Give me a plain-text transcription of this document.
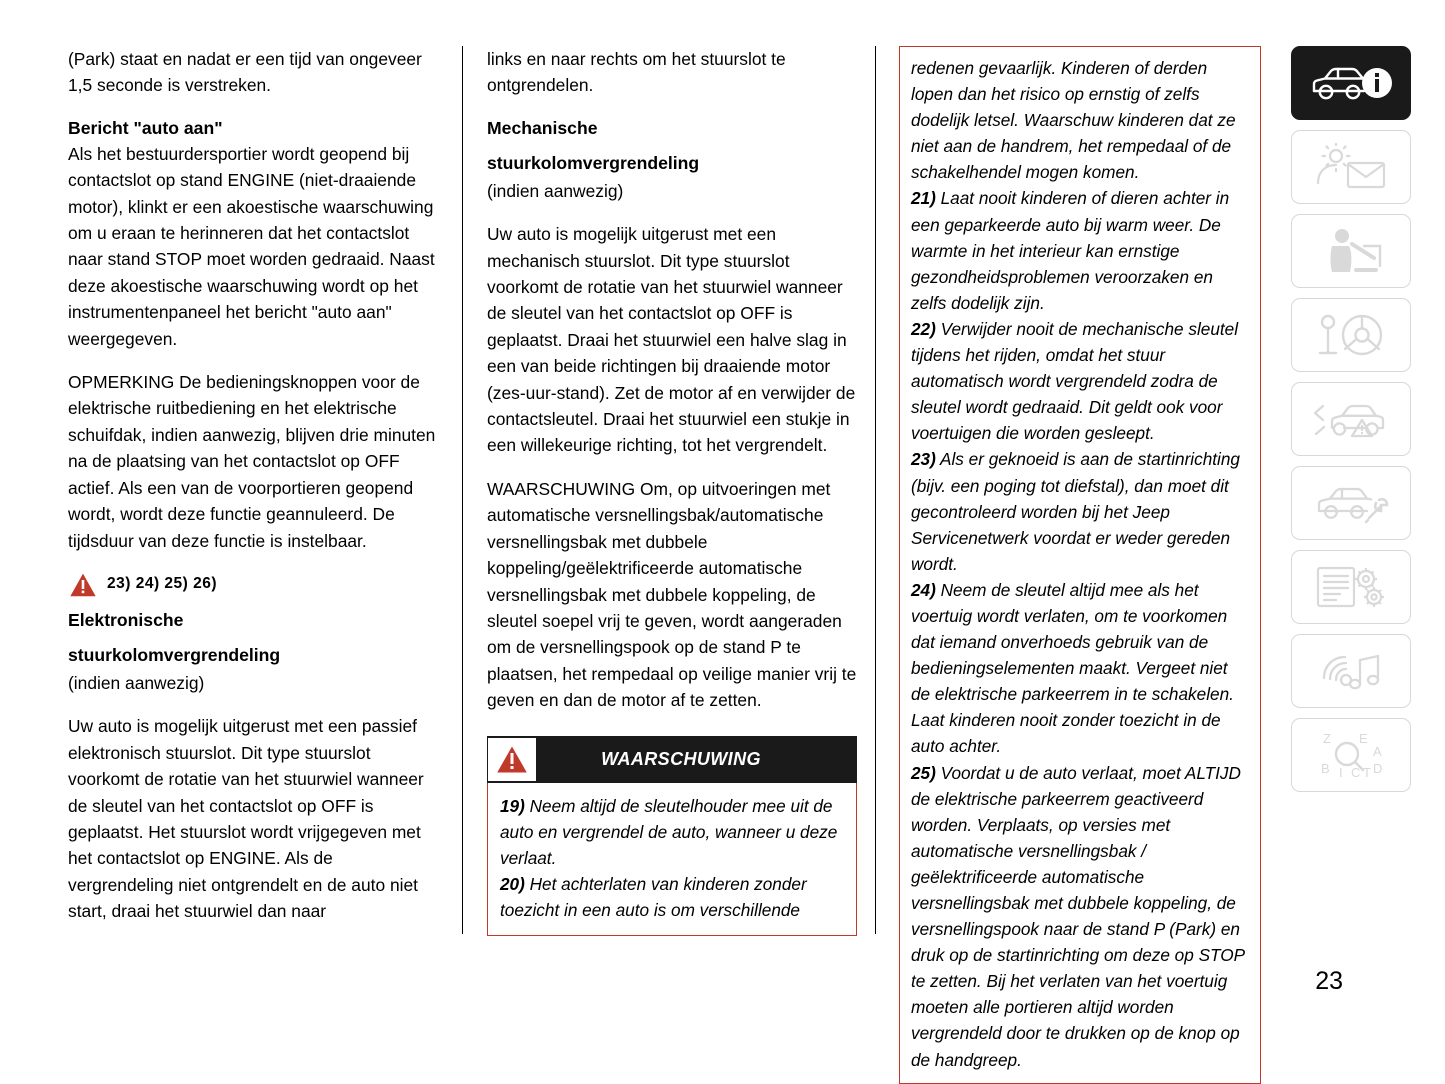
(Park) staat en nadat er een tijd van ongeveer 1,5 seconde is verstreken.

Bericht "auto aan"

Als het bestuurdersportier wordt geopend bij contactslot op stand ENGINE (niet-draaiende motor), klinkt er een akoestische waarschuwing om u eraan te herinneren dat het contactslot naar stand STOP moet worden gedraaid. Naast deze akoestische waarschuwing wordt op het instrumentenpaneel het bericht "auto aan" weergegeven.

OPMERKING De bedieningsknoppen voor de elektrische ruitbediening en het elektrische schuifdak, indien aanwezig, blijven drie minuten na de plaatsing van het contactslot op OFF actief. Als een van de voorportieren geopend wordt, wordt deze functie geannuleerd. De tijdsduur van deze functie is instelbaar.

23) 24) 25) 26)
Elektronische
stuurkolomvergrendeling

(indien aanwezig)

Uw auto is mogelijk uitgerust met een passief elektronisch stuurslot. Dit type stuurslot voorkomt de rotatie van het stuurwiel wanneer de sleutel van het contactslot op OFF is geplaatst. Het stuurslot wordt vrijgegeven met het contactslot op ENGINE. Als de vergrendeling niet ontgrendelt en de auto niet start, draai het stuurwiel dan naar

links en naar rechts om het stuurslot te ontgrendelen.

Mechanische
stuurkolomvergrendeling

(indien aanwezig)

Uw auto is mogelijk uitgerust met een mechanisch stuurslot. Dit type stuurslot voorkomt de rotatie van het stuurwiel wanneer de sleutel van het contactslot op OFF is geplaatst. Draai het stuurwiel een halve slag in een van beide richtingen bij draaiende motor (zes-uur-stand). Zet de motor af en verwijder de contactsleutel. Draai het stuurwiel een stukje in een willekeurige richting, tot het vergrendelt.

WAARSCHUWING Om, op uitvoeringen met automatische versnellingsbak/automatische versnellingsbak met dubbele koppeling/geëlektrificeerde automatische versnellingsbak met dubbele koppeling, de sleutel soepel vrij te geven, wordt aangeraden om de versnellingspook op de stand P te plaatsen, het rempedaal op veilige manier vrij te geven en dan de motor af te zetten.

WAARSCHUWING

19) Neem altijd de sleutelhouder mee uit de auto en vergrendel de auto, wanneer u deze verlaat.

20) Het achterlaten van kinderen zonder toezicht in een auto is om verschillende

redenen gevaarlijk. Kinderen of derden lopen dan het risico op ernstig of zelfs dodelijk letsel. Waarschuw kinderen dat ze niet aan de handrem, het rempedaal of de schakelhendel mogen komen.

21) Laat nooit kinderen of dieren achter in een geparkeerde auto bij warm weer. De warmte in het interieur kan ernstige gezondheidsproblemen veroorzaken en zelfs dodelijk zijn.

22) Verwijder nooit de mechanische sleutel tijdens het rijden, omdat het stuur automatisch wordt vergrendeld zodra de sleutel wordt gedraaid. Dit geldt ook voor voertuigen die worden gesleept.

23) Als er geknoeid is aan de startinrichting (bijv. een poging tot diefstal), dan moet dit gecontroleerd worden bij het Jeep Servicenetwerk voordat er weder gereden wordt.

24) Neem de sleutel altijd mee als het voertuig wordt verlaten, om te voorkomen dat iemand onverhoeds gebruik van de bedieningselementen maakt. Vergeet niet de elektrische parkeerrem in te schakelen. Laat kinderen nooit zonder toezicht in de auto achter.

25) Voordat u de auto verlaat, moet ALTIJD de elektrische parkeerrem geactiveerd worden. Verplaats, op versies met automatische versnellingsbak / geëlektrificeerde automatische versnellingsbak met dubbele koppeling, de versnellingspook naar de stand P (Park) en druk op de startinrichting om deze op STOP te zetten. Bij het verlaten van het voertuig moeten alle portieren altijd worden vergrendeld door te drukken op de knop op de handgreep.

Z E
A
B I C T D
23
